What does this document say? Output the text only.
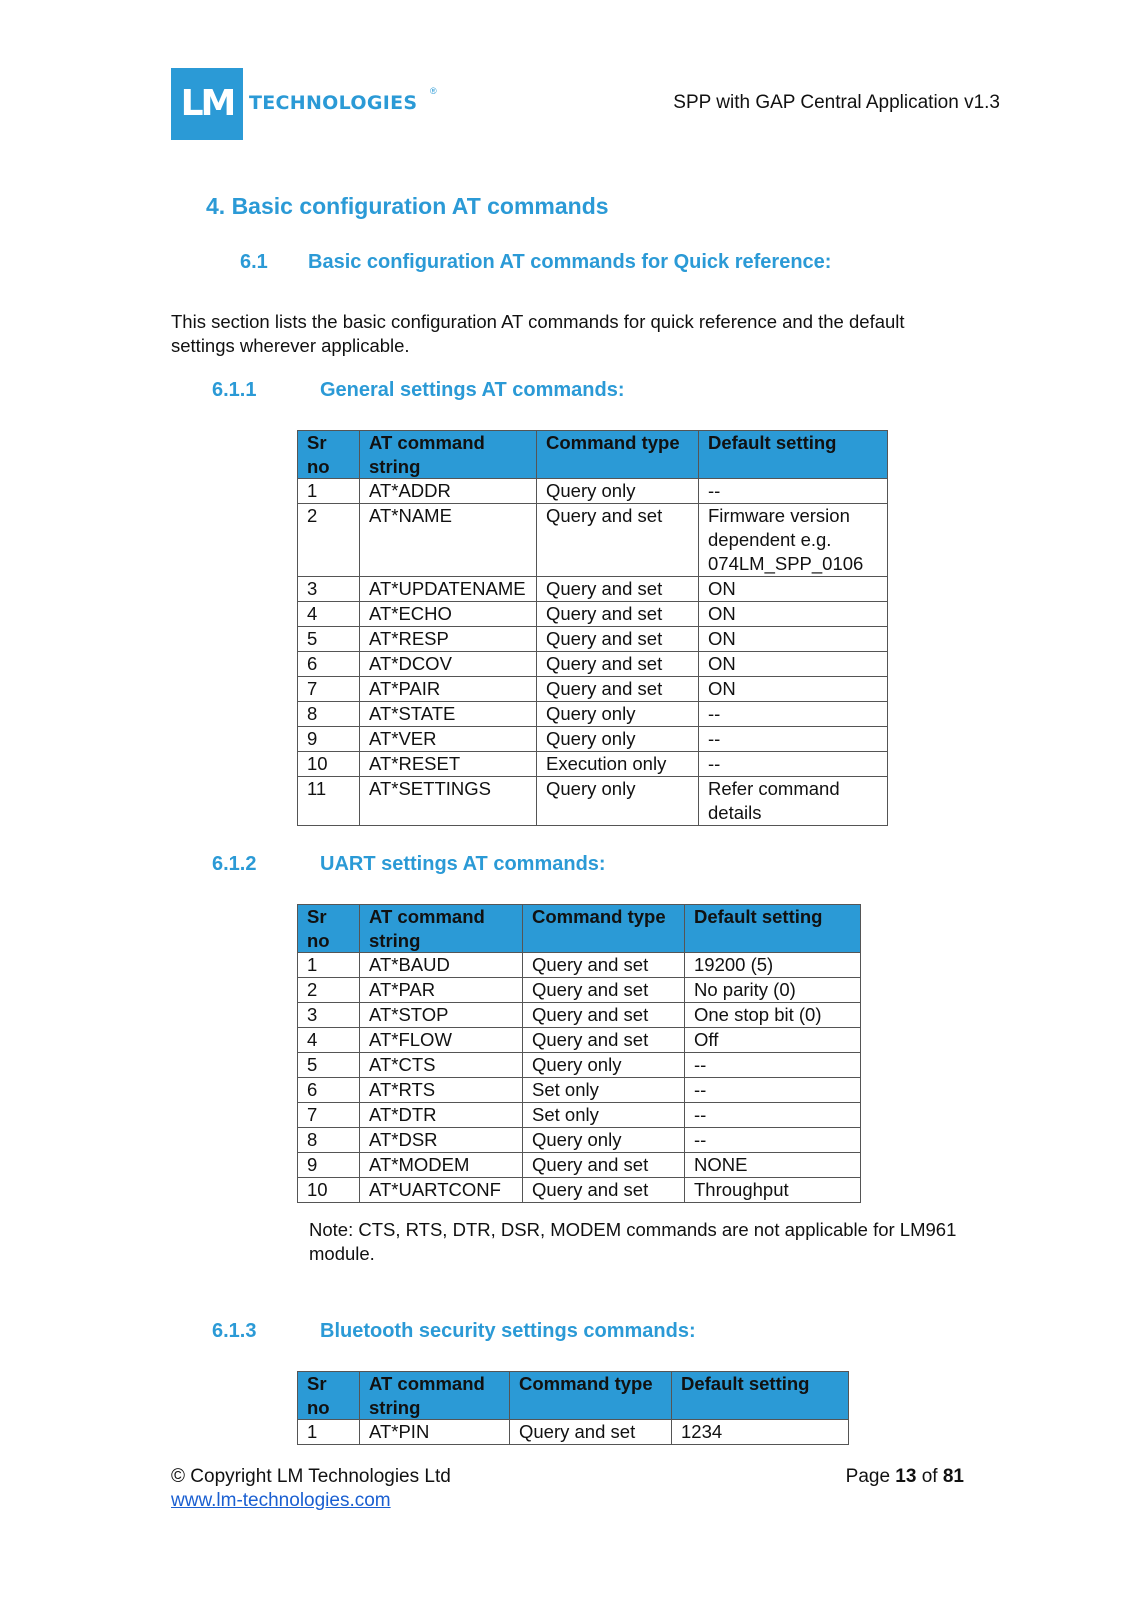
LM TECHNOLOGIES
®
SPP with GAP Central Application v1.3
4. Basic configuration AT commands
6.1 Basic configuration AT commands for Quick reference:
This section lists the basic configuration AT commands for quick reference and the default settings wherever applicable.
6.1.1	General settings AT commands:
Sr no	AT command string	Command type	Default setting
1	AT*ADDR	Query only	--
2	AT*NAME	Query and set	Firmware version dependent e.g. 074LM_SPP_0106
3	AT*UPDATENAME	Query and set	ON
4	AT*ECHO	Query and set	ON
5	AT*RESP	Query and set	ON
6	AT*DCOV	Query and set	ON
7	AT*PAIR	Query and set	ON
8	AT*STATE	Query only	--
9	AT*VER	Query only	--
10	AT*RESET	Execution only	--
11	AT*SETTINGS	Query only	Refer command details
6.1.2	UART settings AT commands:
Sr no	AT command string	Command type	Default setting
1	AT*BAUD	Query and set	19200 (5)
2	AT*PAR	Query and set	No parity (0)
3	AT*STOP	Query and set	One stop bit (0)
4	AT*FLOW	Query and set	Off
5	AT*CTS	Query only	--
6	AT*RTS	Set only	--
7	AT*DTR	Set only	--
8	AT*DSR	Query only	--
9	AT*MODEM	Query and set	NONE
10	AT*UARTCONF	Query and set	Throughput
Note: CTS, RTS, DTR, DSR, MODEM commands are not applicable for LM961 module.
6.1.3	Bluetooth security settings commands:
Sr no	AT command string	Command type	Default setting
1	AT*PIN	Query and set	1234
© Copyright LM Technologies Ltd
www.lm-technologies.com
Page 13 of 81
